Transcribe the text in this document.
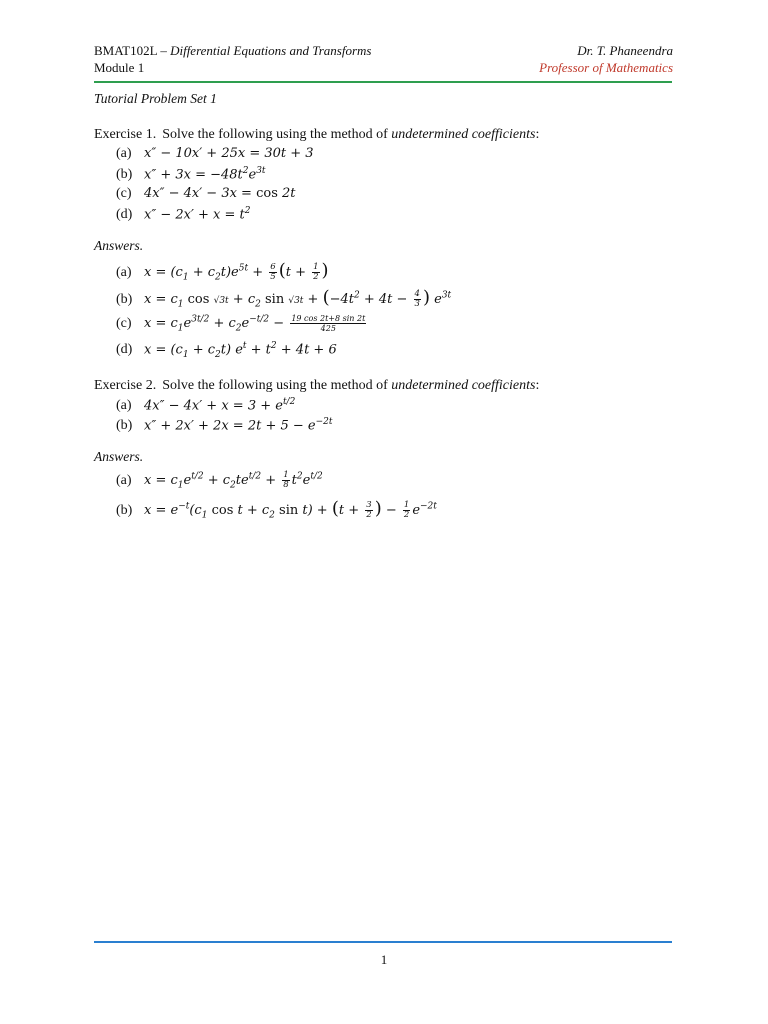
BMAT102L – Differential Equations and Transforms
Module 1
Dr. T. Phaneendra
Professor of Mathematics
Tutorial Problem Set 1
Exercise 1. Solve the following using the method of undetermined coefficients:
(a) x″ − 10x′ + 25x = 30t + 3
(b) $x'' + 3x = -48t^2e^{3t}$
(c) 4x″ − 4x′ − 3x = cos 2t
(d) $x'' - 2x' + x = t^2$
Answers.
(a) $x = (c_1 + c_2t)e^{5t} + \frac{6}{5} (t + \frac{1}{2}$ )
(b) $x = c_1$ $\cos √3t + c_2$ $\sin √3t + (-4t^2 + 4t - \frac{4}{3}$ ) $e^{3t}$
(c) $x = c_1e^{3t/2} + c_2e^{-t/2} - \frac{19 \cos 2t+8 \sin 2t}{425}$
(d) $x = (c_1 + c_2t) e^t + t^2 + 4t + 6$
Exercise 2. Solve the following using the method of undetermined coefficients:
(a) $4x'' - 4x' + x = 3 + e^{t/2}$
(b) $x'' + 2x' + 2x = 2t + 5 - e^{-2t}$
Answers.
(a) $x = c_1e^{t/2} + c_2te^{t/2} + \frac{1}{8} t^2e^{t/2}$
(b) $x = e^{-t}(c_1$ $\cos t + c_2$ $\sin t) + (t + \frac{3}{2}$ ) − $\frac{1}{2} e^{-2t}$
1
